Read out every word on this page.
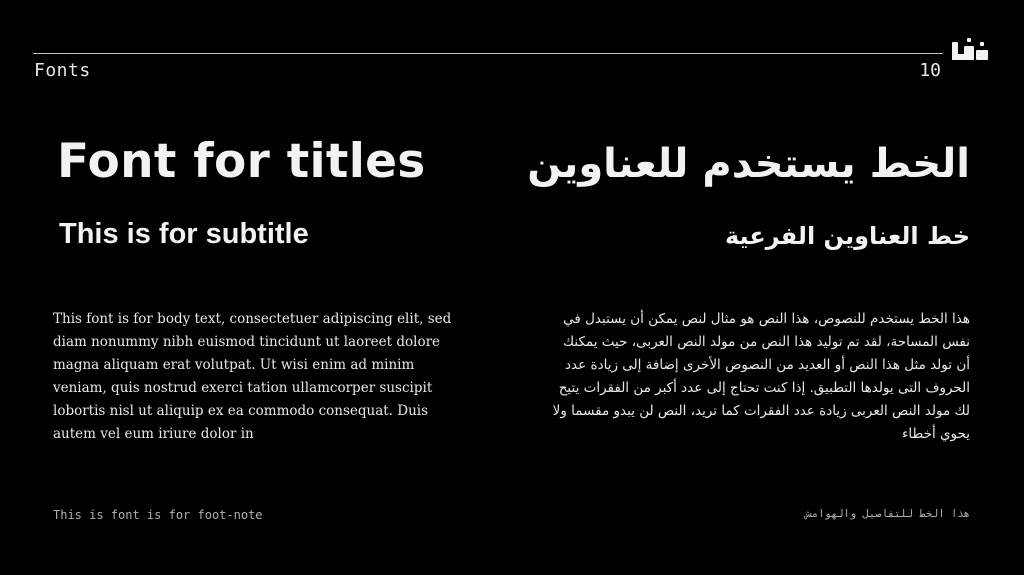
Fonts	10
Font for titles	الخط يستخدم للعناوين
This is for subtitle	خط العناوين الفرعية
This font is for body text, consectetuer adipiscing elit, sed diam nonummy nibh euismod tincidunt ut laoreet dolore magna aliquam erat volutpat. Ut wisi enim ad minim veniam, quis nostrud exerci tation ullamcorper suscipit lobortis nisl ut aliquip ex ea commodo consequat. Duis autem vel eum iriure dolor in
هذا الخط يستخدم للنصوص، هذا النص هو مثال لنص يمكن أن يستبدل في نفس المساحة، لقد تم توليد هذا النص من مولد النص العربى، حيث يمكنك أن تولد مثل هذا النص أو العديد من النصوص الأخرى إضافة إلى زيادة عدد الحروف التى يولدها التطبيق. إذا كنت تحتاج إلى عدد أكبر من الفقرات يتيح لك مولد النص العربى زيادة عدد الفقرات كما تريد، النص لن يبدو مقسما ولا يحوي أخطاء
This is font is for foot-note	هذا الخط للتفاصيل والهوامش
